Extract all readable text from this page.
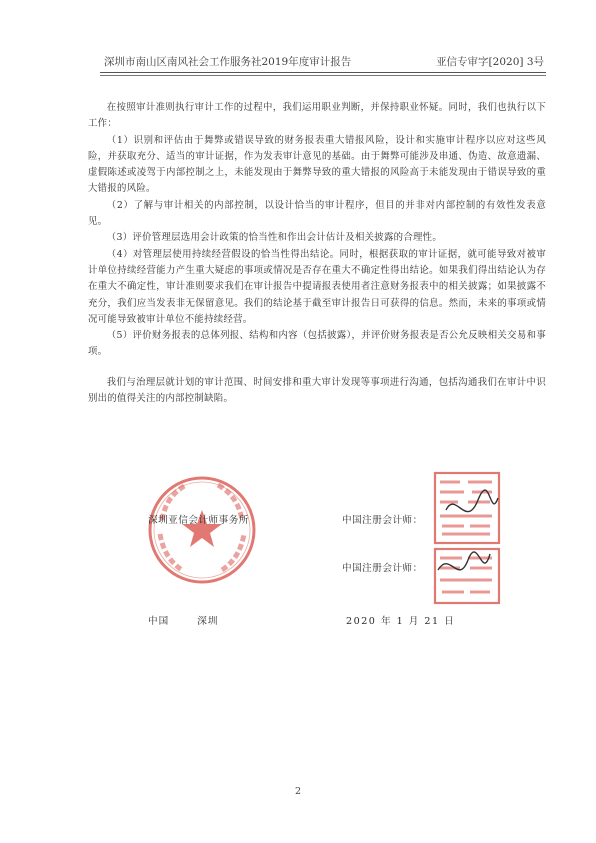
深圳市南山区南风社会工作服务社2019年度审计报告	亚信专审字[2020] 3号

在按照审计准则执行审计工作的过程中，我们运用职业判断，并保持职业怀疑。同时，我们也执行以下工作：

（1）识别和评估由于舞弊或错误导致的财务报表重大错报风险，设计和实施审计程序以应对这些风险，并获取充分、适当的审计证据，作为发表审计意见的基础。由于舞弊可能涉及串通、伪造、故意遗漏、虚假陈述或凌驾于内部控制之上，未能发现由于舞弊导致的重大错报的风险高于未能发现由于错误导致的重大错报的风险。

（2）了解与审计相关的内部控制，以设计恰当的审计程序，但目的并非对内部控制的有效性发表意见。

（3）评价管理层选用会计政策的恰当性和作出会计估计及相关披露的合理性。

（4）对管理层使用持续经营假设的恰当性得出结论。同时，根据获取的审计证据，就可能导致对被审计单位持续经营能力产生重大疑虑的事项或情况是否存在重大不确定性得出结论。如果我们得出结论认为存在重大不确定性，审计准则要求我们在审计报告中提请报表使用者注意财务报表中的相关披露；如果披露不充分，我们应当发表非无保留意见。我们的结论基于截至审计报告日可获得的信息。然而，未来的事项或情况可能导致被审计单位不能持续经营。

（5）评价财务报表的总体列报、结构和内容（包括披露），并评价财务报表是否公允反映相关交易和事项。

我们与治理层就计划的审计范围、时间安排和重大审计发现等事项进行沟通，包括沟通我们在审计中识别出的值得关注的内部控制缺陷。

深圳亚信会计师事务所	中国注册会计师：
中国注册会计师：
中国	深圳	2020 年 1 月 21 日
2
